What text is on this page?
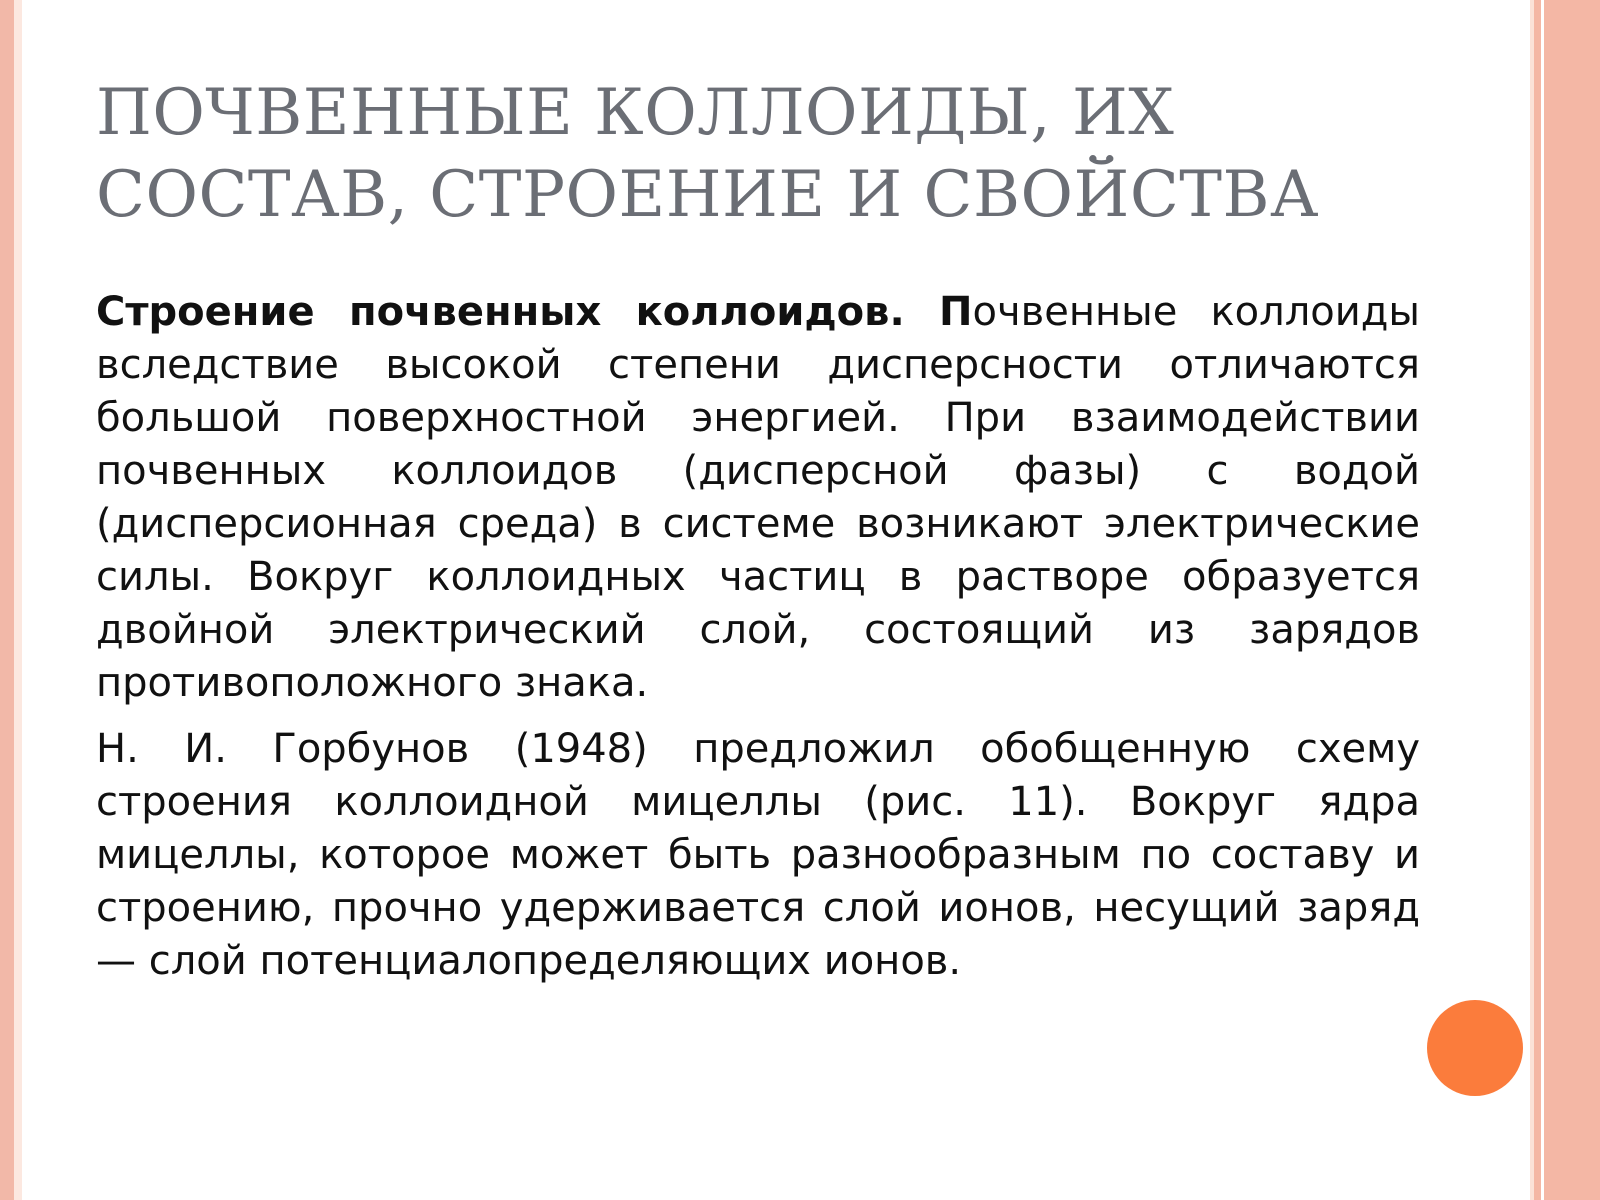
ПОЧВЕННЫЕ КОЛЛОИДЫ, ИХ
СОСТАВ, СТРОЕНИЕ И СВОЙСТВА

Строение почвенных коллоидов. Почвенные коллоиды вследствие высокой степени дисперсности отличаются большой поверхностной энергией. При взаимодействии почвенных коллоидов (дисперсной фазы) с водой (дисперсионная среда) в системе возникают электрические силы. Вокруг коллоидных частиц в растворе образуется двойной электрический слой, состоящий из зарядов противоположного знака.

Н. И. Горбунов (1948) предложил обобщенную схему строения коллоидной мицеллы (рис. 11). Вокруг ядра мицеллы, которое может быть разнообразным по составу и строению, прочно удерживается слой ионов, несущий заряд — слой потенциалопределяющих ионов.
